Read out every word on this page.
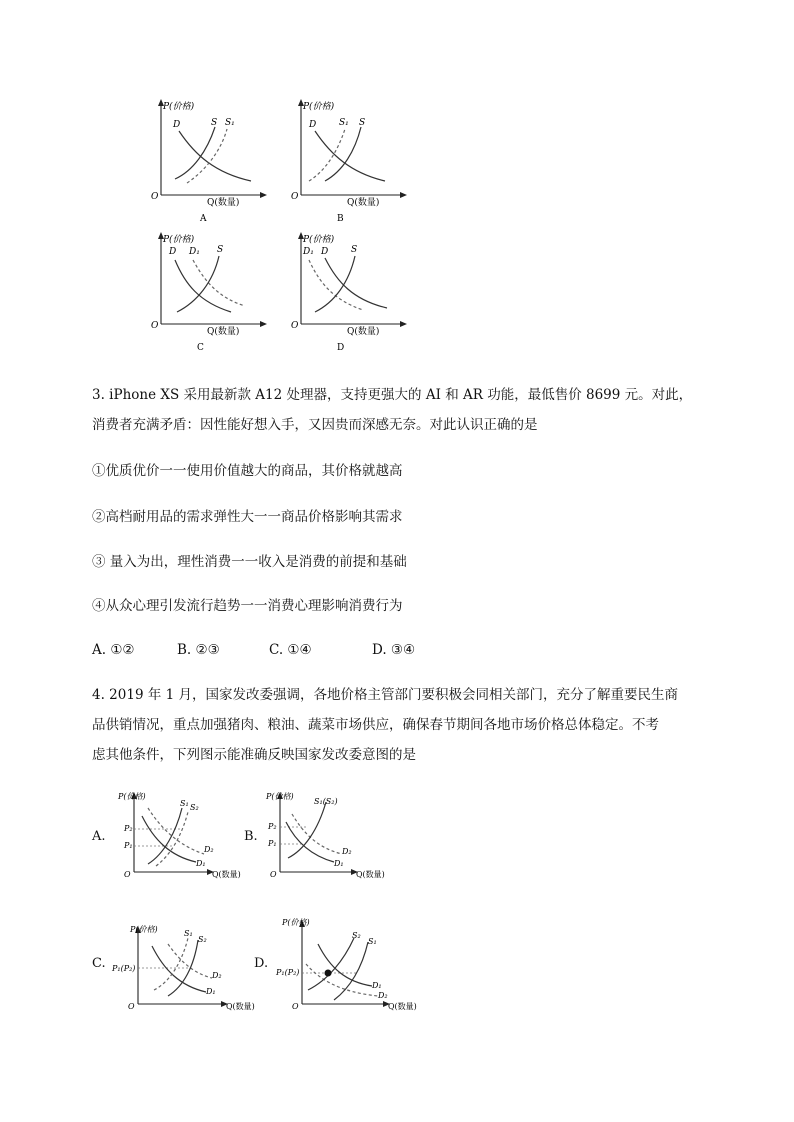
P(价格)
O
Q(数量)
A
D	S S₁
P(价格)
O
Q(数量)
B
D	S₁ S
P(价格)
O
Q(数量)
C
D D₁ S
P(价格)
O
Q(数量)
D
D₁ D	S
3. iPhone XS 采用最新款 A12 处理器，支持更强大的 AI 和 AR 功能，最低售价 8699 元。对此，
消费者充满矛盾：因性能好想入手，又因贵而深感无奈。对此认识正确的是
①优质优价一一使用价值越大的商品，其价格就越高
②高档耐用品的需求弹性大一一商品价格影响其需求
③ 量入为出，理性消费一一收入是消费的前提和基础
④从众心理引发流行趋势一一消费心理影响消费行为
A. ①②	B. ②③	C. ①④	D. ③④
4. 2019 年 1 月，国家发改委强调，各地价格主管部门要积极会同相关部门，充分了解重要民生商
品供销情况，重点加强猪肉、粮油、蔬菜市场供应，确保春节期间各地市场价格总体稳定。不考
虑其他条件，下列图示能准确反映国家发改委意图的是
A.	B.
C.	D.
P(价格)
O	Q(数量)
P₂
P₁
S₁ S₂
D₂
D₁
P(价格)
O	Q(数量)
P₂
P₁
S₁(S₂)
D₂
D₁
P(价格)
O	Q(数量)
P₁(P₂)
S₁
S₂
D₂
D₁
P(价格)
O	Q(数量)
P₁(P₂)
S₂
S₁
D₁
D₂
